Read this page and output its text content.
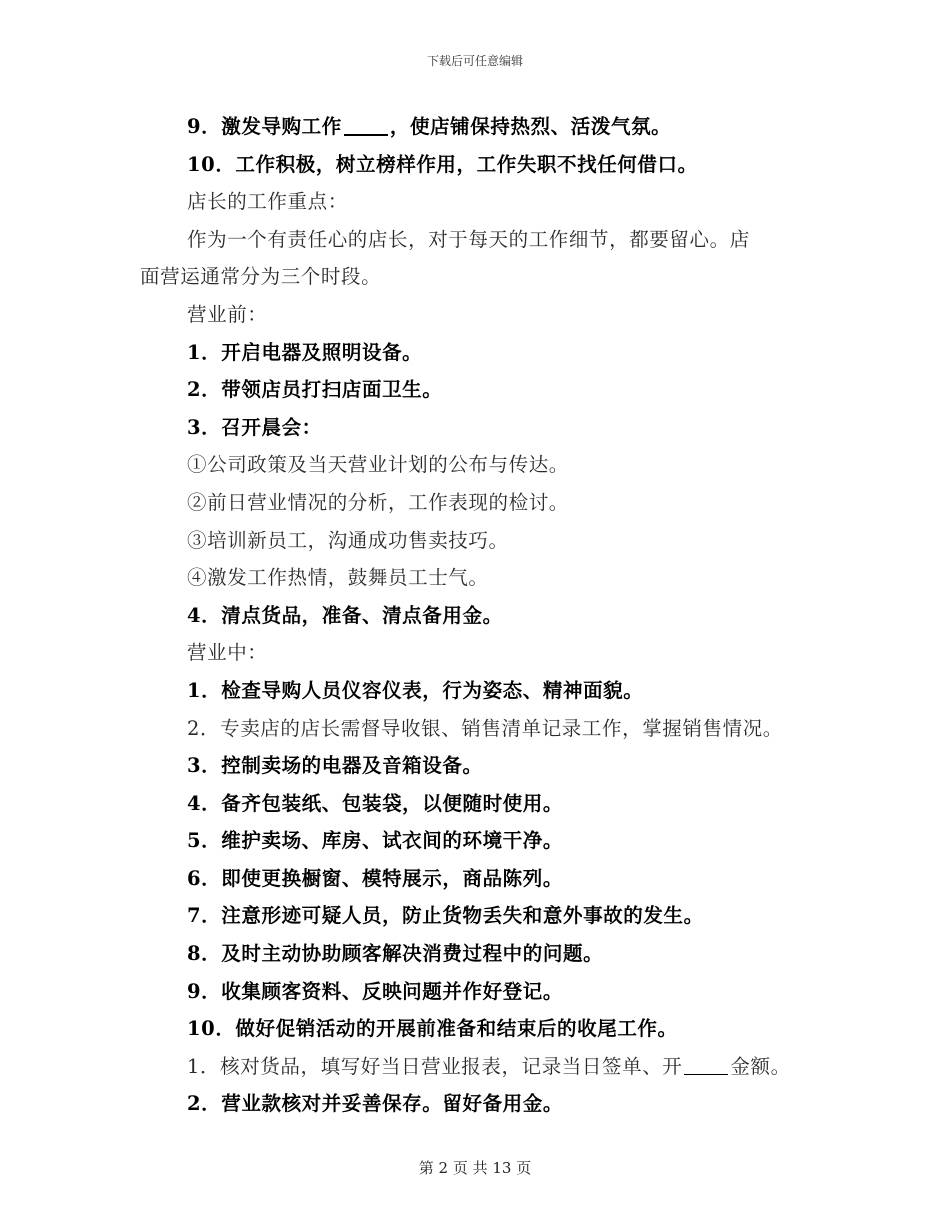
下载后可任意编辑
9．激发导购工作 ，使店铺保持热烈、活泼气氛。
10．工作积极，树立榜样作用，工作失职不找任何借口。
店长的工作重点：
作为一个有责任心的店长，对于每天的工作细节，都要留心。店
面营运通常分为三个时段。
营业前：
1．开启电器及照明设备。
2．带领店员打扫店面卫生。
3．召开晨会：
①公司政策及当天营业计划的公布与传达。
②前日营业情况的分析，工作表现的检讨。
③培训新员工，沟通成功售卖技巧。
④激发工作热情，鼓舞员工士气。
4．清点货品，准备、清点备用金。
营业中：
1．检查导购人员仪容仪表，行为姿态、精神面貌。
2．专卖店的店长需督导收银、销售清单记录工作，掌握销售情况。
3．控制卖场的电器及音箱设备。
4．备齐包装纸、包装袋，以便随时使用。
5．维护卖场、库房、试衣间的环境干净。
6．即使更换橱窗、模特展示，商品陈列。
7．注意形迹可疑人员，防止货物丢失和意外事故的发生。
8．及时主动协助顾客解决消费过程中的问题。
9．收集顾客资料、反映问题并作好登记。
10．做好促销活动的开展前准备和结束后的收尾工作。
1．核对货品，填写好当日营业报表，记录当日签单、开 金额。
2．营业款核对并妥善保存。留好备用金。
第 2 页 共 13 页
